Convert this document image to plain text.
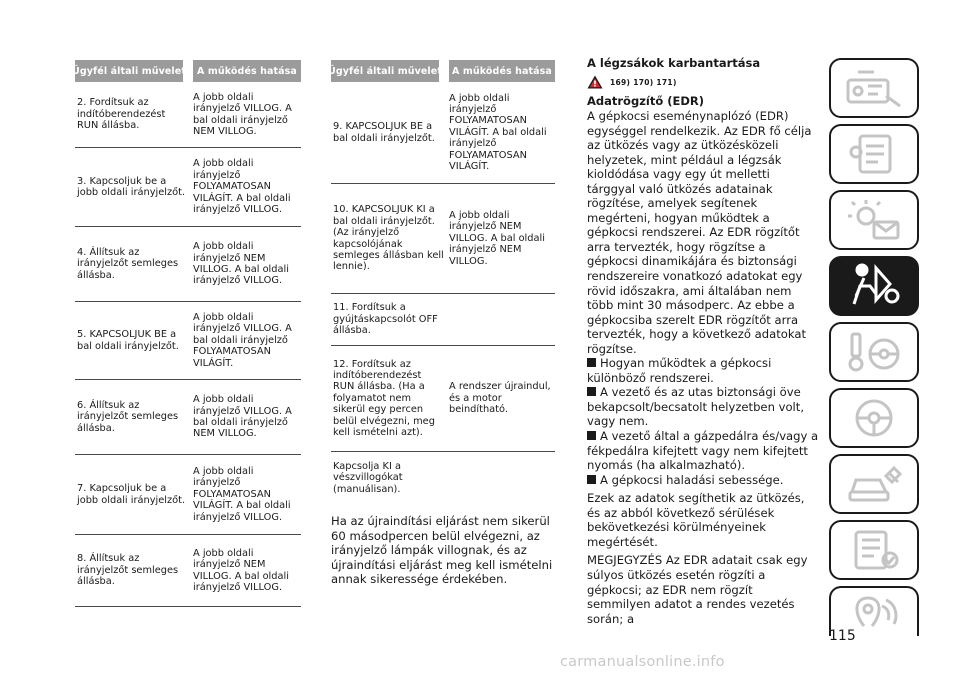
Ügyfél általi művelet	A működés hatása
2. Fordítsuk az indítóberendezést RUN állásba.
A jobb oldali irányjelző VILLOG. A bal oldali irányjelző NEM VILLOG.
3. Kapcsoljuk be a jobb oldali irányjelzőt.
A jobb oldali irányjelző FOLYAMATOSAN VILÁGÍT. A bal oldali irányjelző VILLOG.
4. Állítsuk az irányjelzőt semleges állásba.
A jobb oldali irányjelző NEM VILLOG. A bal oldali irányjelző VILLOG.
5. KAPCSOLJUK BE a bal oldali irányjelzőt.
A jobb oldali irányjelző VILLOG. A bal oldali irányjelző FOLYAMATOSAN VILÁGÍT.
6. Állítsuk az irányjelzőt semleges állásba.
A jobb oldali irányjelző VILLOG. A bal oldali irányjelző NEM VILLOG.
7. Kapcsoljuk be a jobb oldali irányjelzőt.
A jobb oldali irányjelző FOLYAMATOSAN VILÁGÍT. A bal oldali irányjelző VILLOG.
8. Állítsuk az irányjelzőt semleges állásba.
A jobb oldali irányjelző NEM VILLOG. A bal oldali irányjelző VILLOG.
Ügyfél általi művelet	A működés hatása
9. KAPCSOLJUK BE a bal oldali irányjelzőt.
A jobb oldali irányjelző FOLYAMATOSAN VILÁGÍT. A bal oldali irányjelző FOLYAMATOSAN VILÁGÍT.
10. KAPCSOLJUK KI a bal oldali irányjelzőt. (Az irányjelző kapcsolójának semleges állásban kell lennie).
A jobb oldali irányjelző NEM VILLOG. A bal oldali irányjelző NEM VILLOG.
11. Fordítsuk a gyújtáskapcsolót OFF állásba.
12. Fordítsuk az indítóberendezést RUN állásba. (Ha a folyamatot nem sikerül egy percen belül elvégezni, meg kell ismételni azt).
A rendszer újraindul, és a motor beindítható.
Kapcsolja KI a vészvillogókat (manuálisan).
Ha az újraindítási eljárást nem sikerül 60 másodpercen belül elvégezni, az irányjelző lámpák villognak, és az újraindítási eljárást meg kell ismételni annak sikeressége érdekében.
A légzsákok karbantartása
169) 170) 171)
Adatrögzítő (EDR)
A gépkocsi eseménynaplózó (EDR) egységgel rendelkezik. Az EDR fő célja az ütközés vagy az ütközésközeli helyzetek, mint például a légzsák kioldódása vagy egy út melletti tárggyal való ütközés adatainak rögzítése, amelyek segítenek megérteni, hogyan működtek a gépkocsi rendszerei. Az EDR rögzítőt arra tervezték, hogy rögzítse a gépkocsi dinamikájára és biztonsági rendszereire vonatkozó adatokat egy rövid időszakra, ami általában nem több mint 30 másodperc. Az ebbe a gépkocsiba szerelt EDR rögzítőt arra tervezték, hogy a következő adatokat rögzítse.
Hogyan működtek a gépkocsi különböző rendszerei.
A vezető és az utas biztonsági öve bekapcsolt/becsatolt helyzetben volt, vagy nem.
A vezető által a gázpedálra és/vagy a fékpedálra kifejtett vagy nem kifejtett nyomás (ha alkalmazható).
A gépkocsi haladási sebessége.
Ezek az adatok segíthetik az ütközés, és az abból következő sérülések bekövetkezési körülményeinek megértését.
MEGJEGYZÉS Az EDR adatait csak egy súlyos ütközés esetén rögzíti a gépkocsi; az EDR nem rögzít semmilyen adatot a rendes vezetés során; a
115
carmanualsonline.info
